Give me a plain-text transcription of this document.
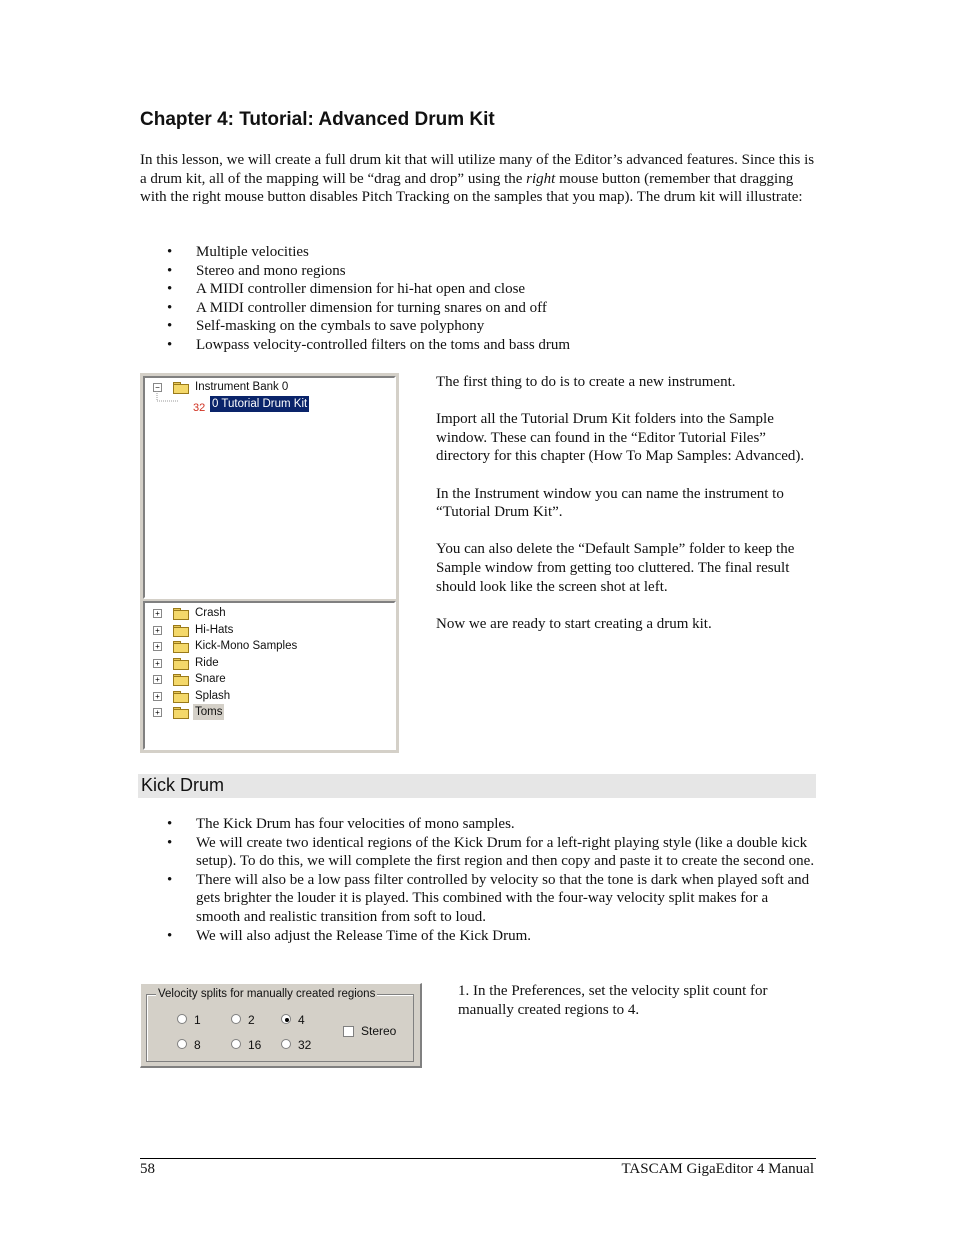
Chapter 4: Tutorial: Advanced Drum Kit

In this lesson, we will create a full drum kit that will utilize many of the Editor’s advanced features. Since this is a drum kit, all of the mapping will be “drag and drop” using the right mouse button (remember that dragging with the right mouse button disables Pitch Tracking on the samples that you map). The drum kit will illustrate:

• Multiple velocities
• Stereo and mono regions
• A MIDI controller dimension for hi-hat open and close
• A MIDI controller dimension for turning snares on and off
• Self-masking on the cymbals to save polyphony
• Lowpass velocity-controlled filters on the toms and bass drum
−	Instrument Bank 0
32 0 Tutorial Drum Kit
+	Crash
+	Hi-Hats
+	Kick-Mono Samples
+	Ride
+	Snare
+	Splash
+	Toms

The first thing to do is to create a new instrument.

Import all the Tutorial Drum Kit folders into the Sample window. These can found in the “Editor Tutorial Files” directory for this chapter (How To Map Samples: Advanced).

In the Instrument window you can name the instrument to “Tutorial Drum Kit”.

You can also delete the “Default Sample” folder to keep the Sample window from getting too cluttered. The final result should look like the screen shot at left.

Now we are ready to start creating a drum kit.

Kick Drum
• The Kick Drum has four velocities of mono samples.
• We will create two identical regions of the Kick Drum for a left-right playing style (like a double kick setup). To do this, we will complete the first region and then copy and paste it to create the second one.
• There will also be a low pass filter controlled by velocity so that the tone is dark when played soft and gets brighter the louder it is played. This combined with the four-way velocity split makes for a smooth and realistic transition from soft to loud.
• We will also adjust the Release Time of the Kick Drum.
Velocity splits for manually created regions
1	2	4
8	16	32
Stereo

1. In the Preferences, set the velocity split count for manually created regions to 4.

58	TASCAM GigaEditor 4 Manual
